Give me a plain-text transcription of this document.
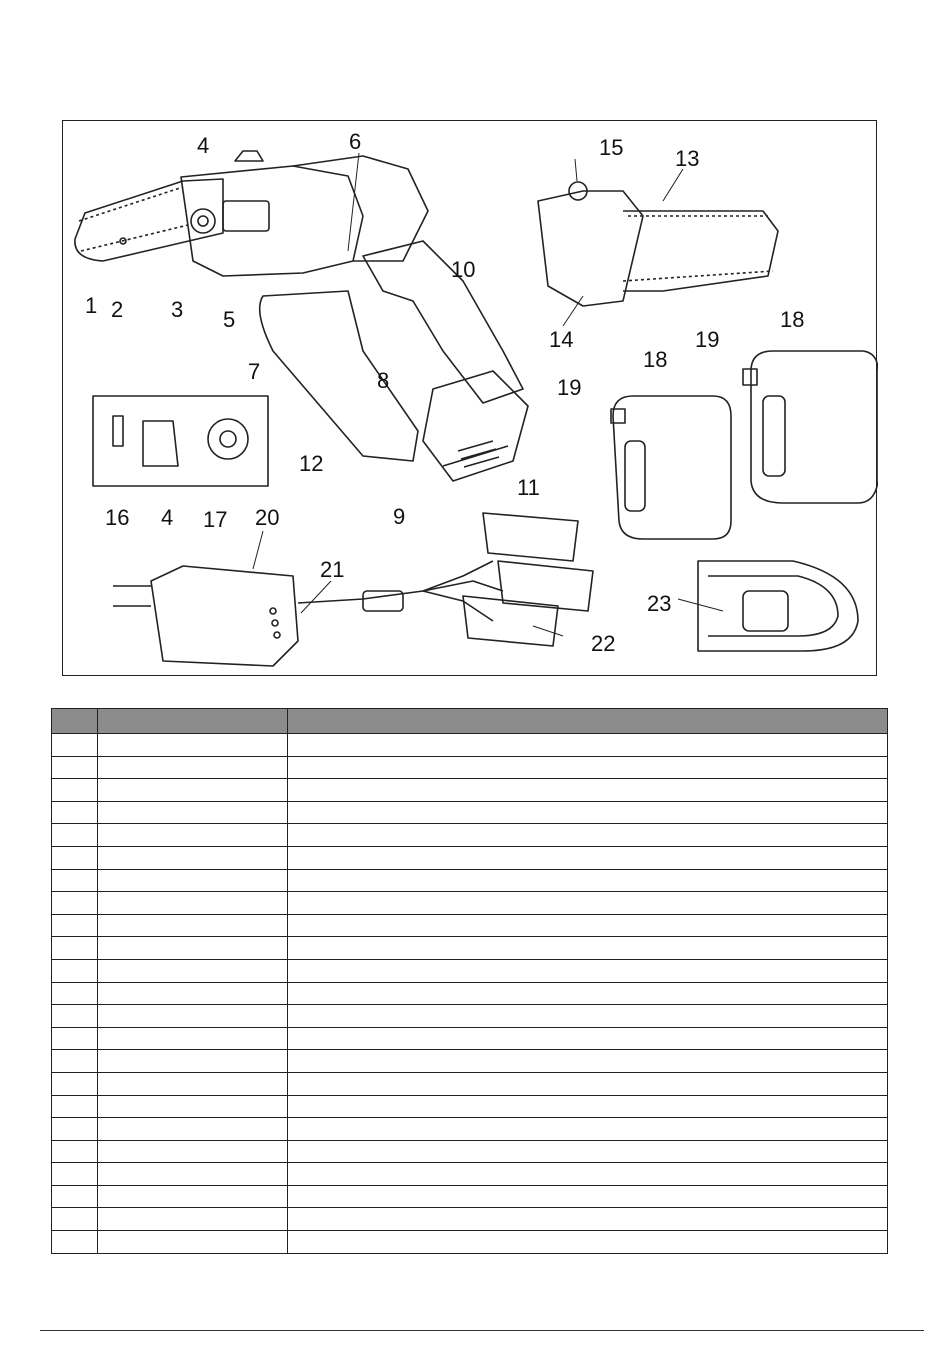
1 2 3
4
5
6
7	8
9
10
11
12
13
14
15
16 4 17
18
19
18
19
20
21
22
23
